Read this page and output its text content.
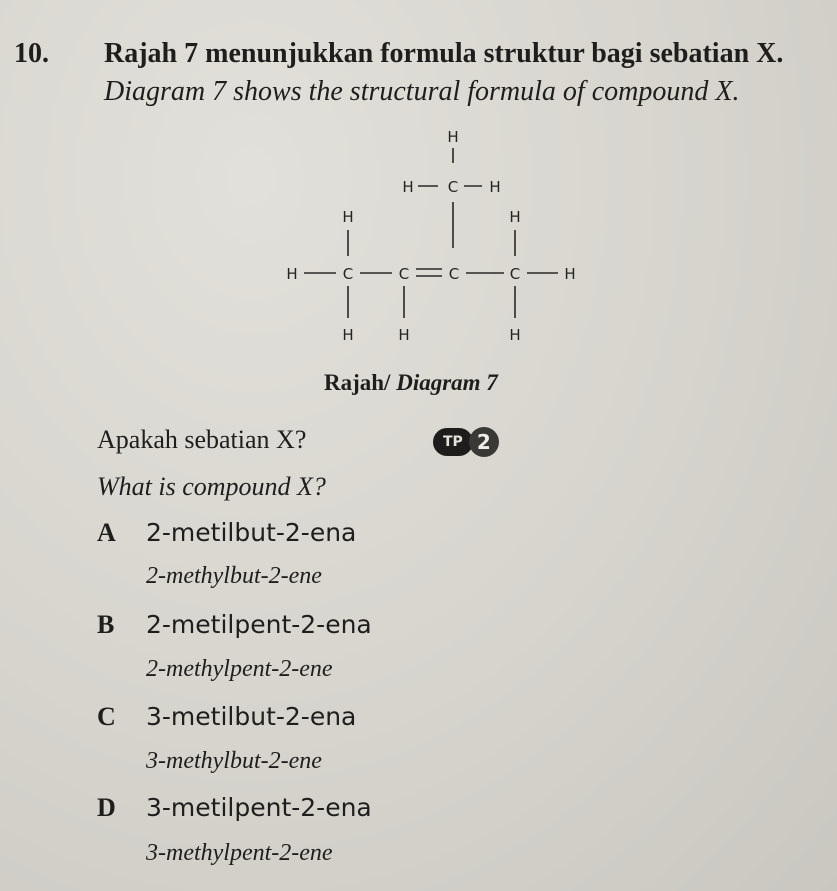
10. Rajah 7 menunjukkan formula struktur bagi sebatian X.
Diagram 7 shows the structural formula of compound X.
H
H C H
H	H
H	C	C	C	C	H
H	H	H
Rajah/ Diagram 7
Apakah sebatian X?	TP 2
What is compound X?
A 2-metilbut-2-ena
2-methylbut-2-ene
B 2-metilpent-2-ena
2-methylpent-2-ene
C 3-metilbut-2-ena
3-methylbut-2-ene
D 3-metilpent-2-ena
3-methylpent-2-ene
